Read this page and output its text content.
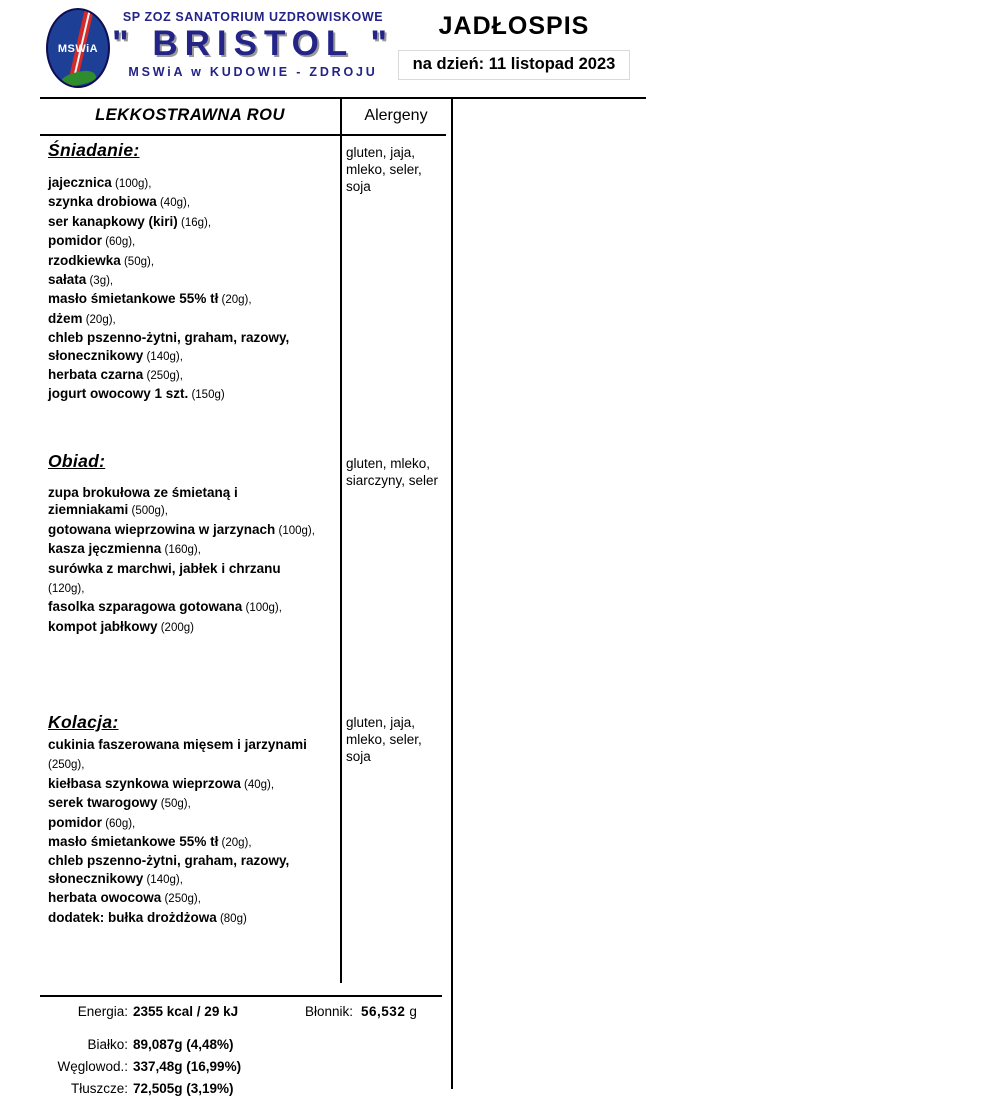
MSWiA
SP ZOZ SANATORIUM UZDROWISKOWE
" BRISTOL "
MSWiA w KUDOWIE - ZDROJU
JADŁOSPIS
na dzień: 11 listopad 2023
LEKKOSTRAWNA ROU	Alergeny
Śniadanie:
jajecznica (100g),
szynka drobiowa (40g),
ser kanapkowy (kiri) (16g),
pomidor (60g),
rzodkiewka (50g),
sałata (3g),
masło śmietankowe 55% tł (20g),
dżem (20g),
chleb pszenno-żytni, graham, razowy, słonecznikowy (140g),
herbata czarna (250g),
jogurt owocowy 1 szt. (150g)
gluten, jaja, mleko, seler, soja
Obiad:
zupa brokułowa ze śmietaną i ziemniakami (500g),
gotowana wieprzowina w jarzynach (100g),
kasza jęczmienna (160g),
surówka z marchwi, jabłek i chrzanu (120g),
fasolka szparagowa gotowana (100g),
kompot jabłkowy (200g)
gluten, mleko, siarczyny, seler
Kolacja:
cukinia faszerowana mięsem i jarzynami (250g),
kiełbasa szynkowa wieprzowa (40g),
serek twarogowy (50g),
pomidor (60g),
masło śmietankowe 55% tł (20g),
chleb pszenno-żytni, graham, razowy, słonecznikowy (140g),
herbata owocowa (250g),
dodatek: bułka drożdżowa (80g)
gluten, jaja, mleko, seler, soja
Energia: 2355 kcal / 29 kJ
Białko: 89,087g (4,48%)
Węglowod.: 337,48g (16,99%)
Tłuszcze: 72,505g (3,19%)
Błonnik: 56,532 g
